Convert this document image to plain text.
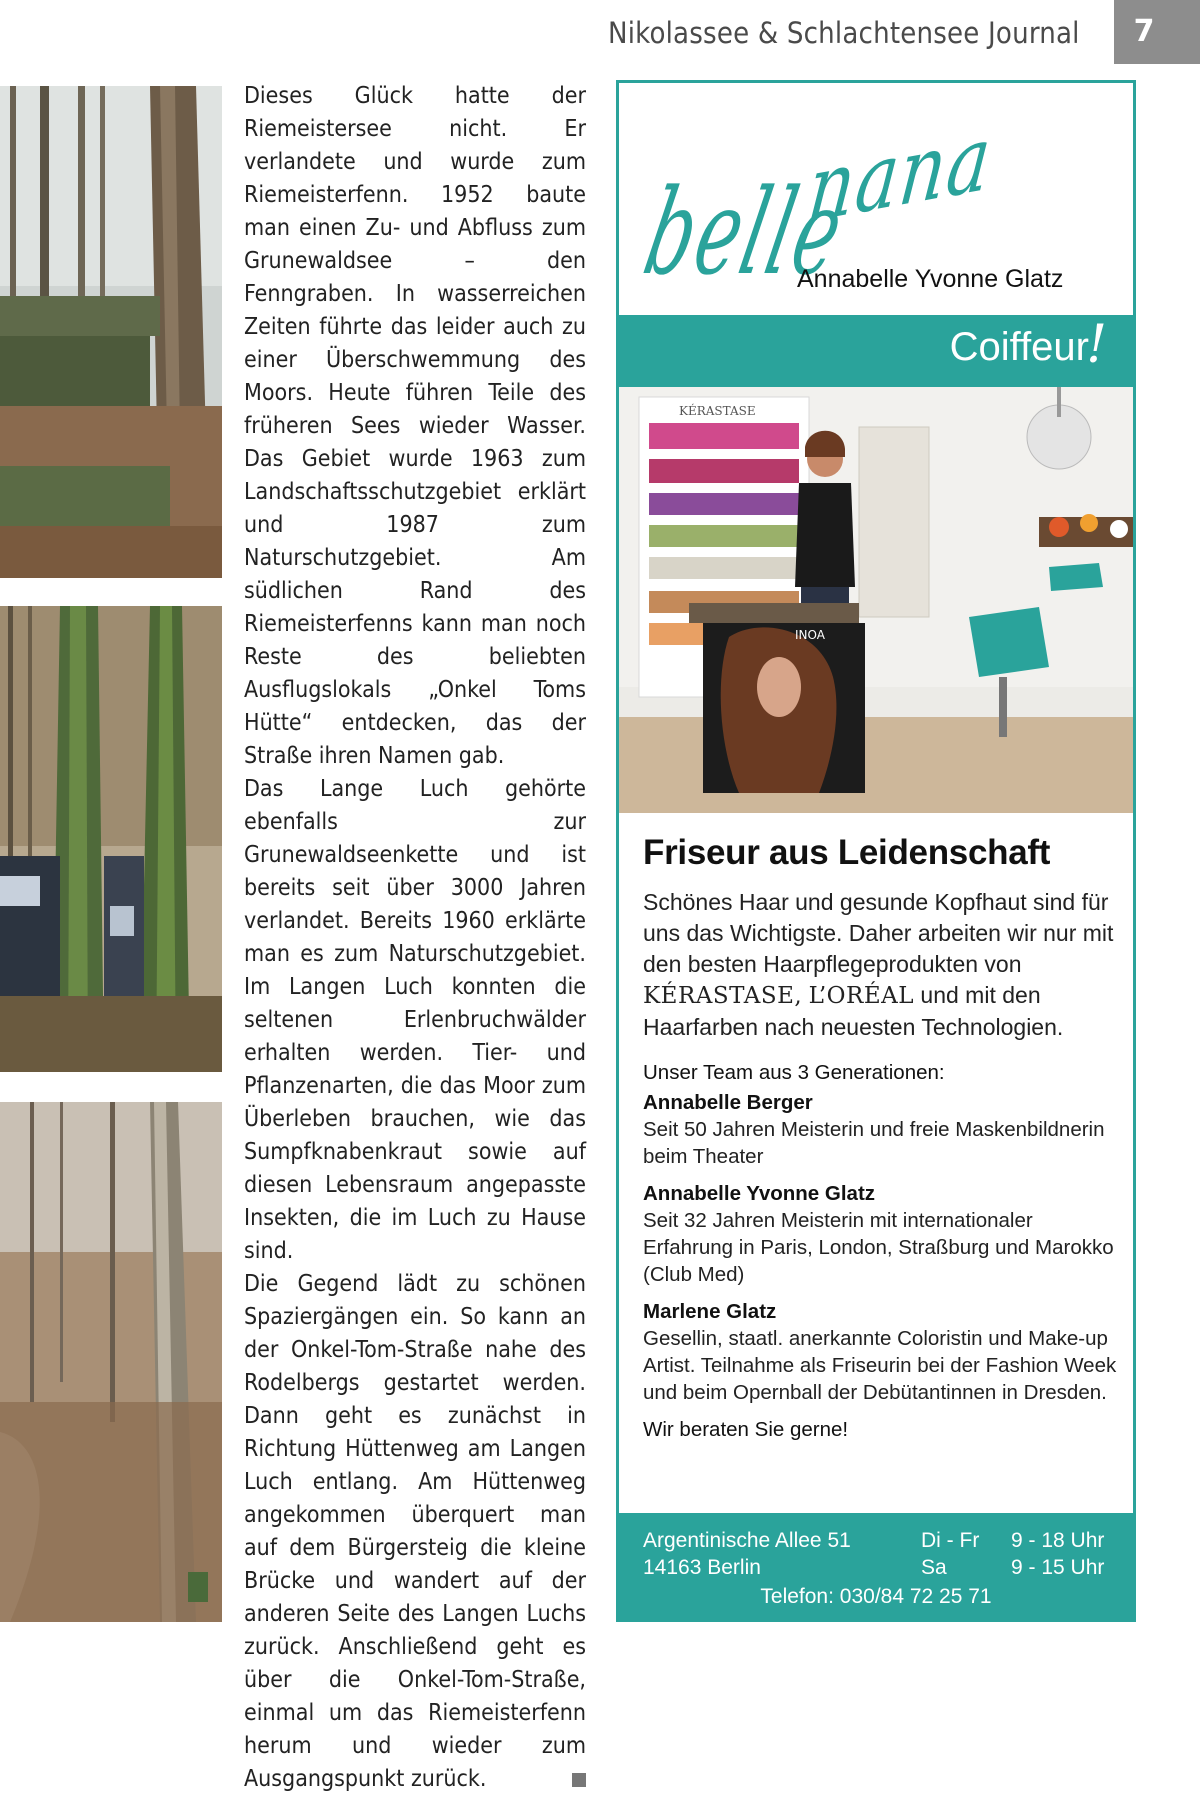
Nikolassee & Schlachtensee Journal	7

Dieses Glück hatte der Riemeistersee nicht. Er verlandete und wurde zum Riemeisterfenn. 1952 baute man einen Zu- und Abfluss zum Grunewaldsee – den Fenngraben. In wasserreichen Zeiten führte das leider auch zu einer Überschwemmung des Moors. Heute führen Teile des früheren Sees wieder Wasser. Das Gebiet wurde 1963 zum Landschaftsschutzgebiet erklärt und 1987 zum Naturschutzgebiet. Am südlichen Rand des Riemeisterfenns kann man noch Reste des beliebten Ausflugslokals „Onkel Toms Hütte“ entdecken, das der Straße ihren Namen gab.

Das Lange Luch gehörte ebenfalls zur Grunewaldseenkette und ist bereits seit über 3000 Jahren verlandet. Bereits 1960 erklärte man es zum Naturschutzgebiet. Im Langen Luch konnten die seltenen Erlenbruchwälder erhalten werden. Tier- und Pflanzenarten, die das Moor zum Überleben brauchen, wie das Sumpfknabenkraut sowie auf diesen Lebensraum angepasste Insekten, die im Luch zu Hause sind.

Die Gegend lädt zu schönen Spaziergängen ein. So kann an der Onkel-Tom-Straße nahe des Rodelbergs gestartet werden. Dann geht es zunächst in Richtung Hüttenweg am Langen Luch entlang. Am Hüttenweg angekommen überquert man auf dem Bürgersteig die kleine Brücke und wandert auf der anderen Seite des Langen Luchs zurück. Anschließend geht es über die Onkel-Tom-Straße, einmal um das Riemeisterfenn herum und wieder zum Ausgangspunkt zurück.

belle
nana
Annabelle Yvonne Glatz
Coiffeur
!
KÉRASTASE
INOA
Friseur aus Leidenschaft
Schönes Haar und gesunde Kopfhaut sind für uns das Wichtigste. Daher arbeiten wir nur mit den besten Haarpflegeprodukten von KÉRASTASE, L’ORÉAL und mit den Haarfarben nach neuesten Technologien.
Unser Team aus 3 Generationen:
Annabelle Berger
Seit 50 Jahren Meisterin und freie Maskenbildnerin beim Theater
Annabelle Yvonne Glatz
Seit 32 Jahren Meisterin mit internationaler Erfahrung in Paris, London, Straßburg und Marokko (Club Med)
Marlene Glatz
Gesellin, staatl. anerkannte Coloristin und Make-up Artist. Teilnahme als Friseurin bei der Fashion Week und beim Opernball der Debütantinnen in Dresden.
Wir beraten Sie gerne!
Argentinische Allee 51
14163 Berlin
Di - Fr	9 - 18 Uhr
Sa	9 - 15 Uhr
Telefon: 030/84 72 25 71
